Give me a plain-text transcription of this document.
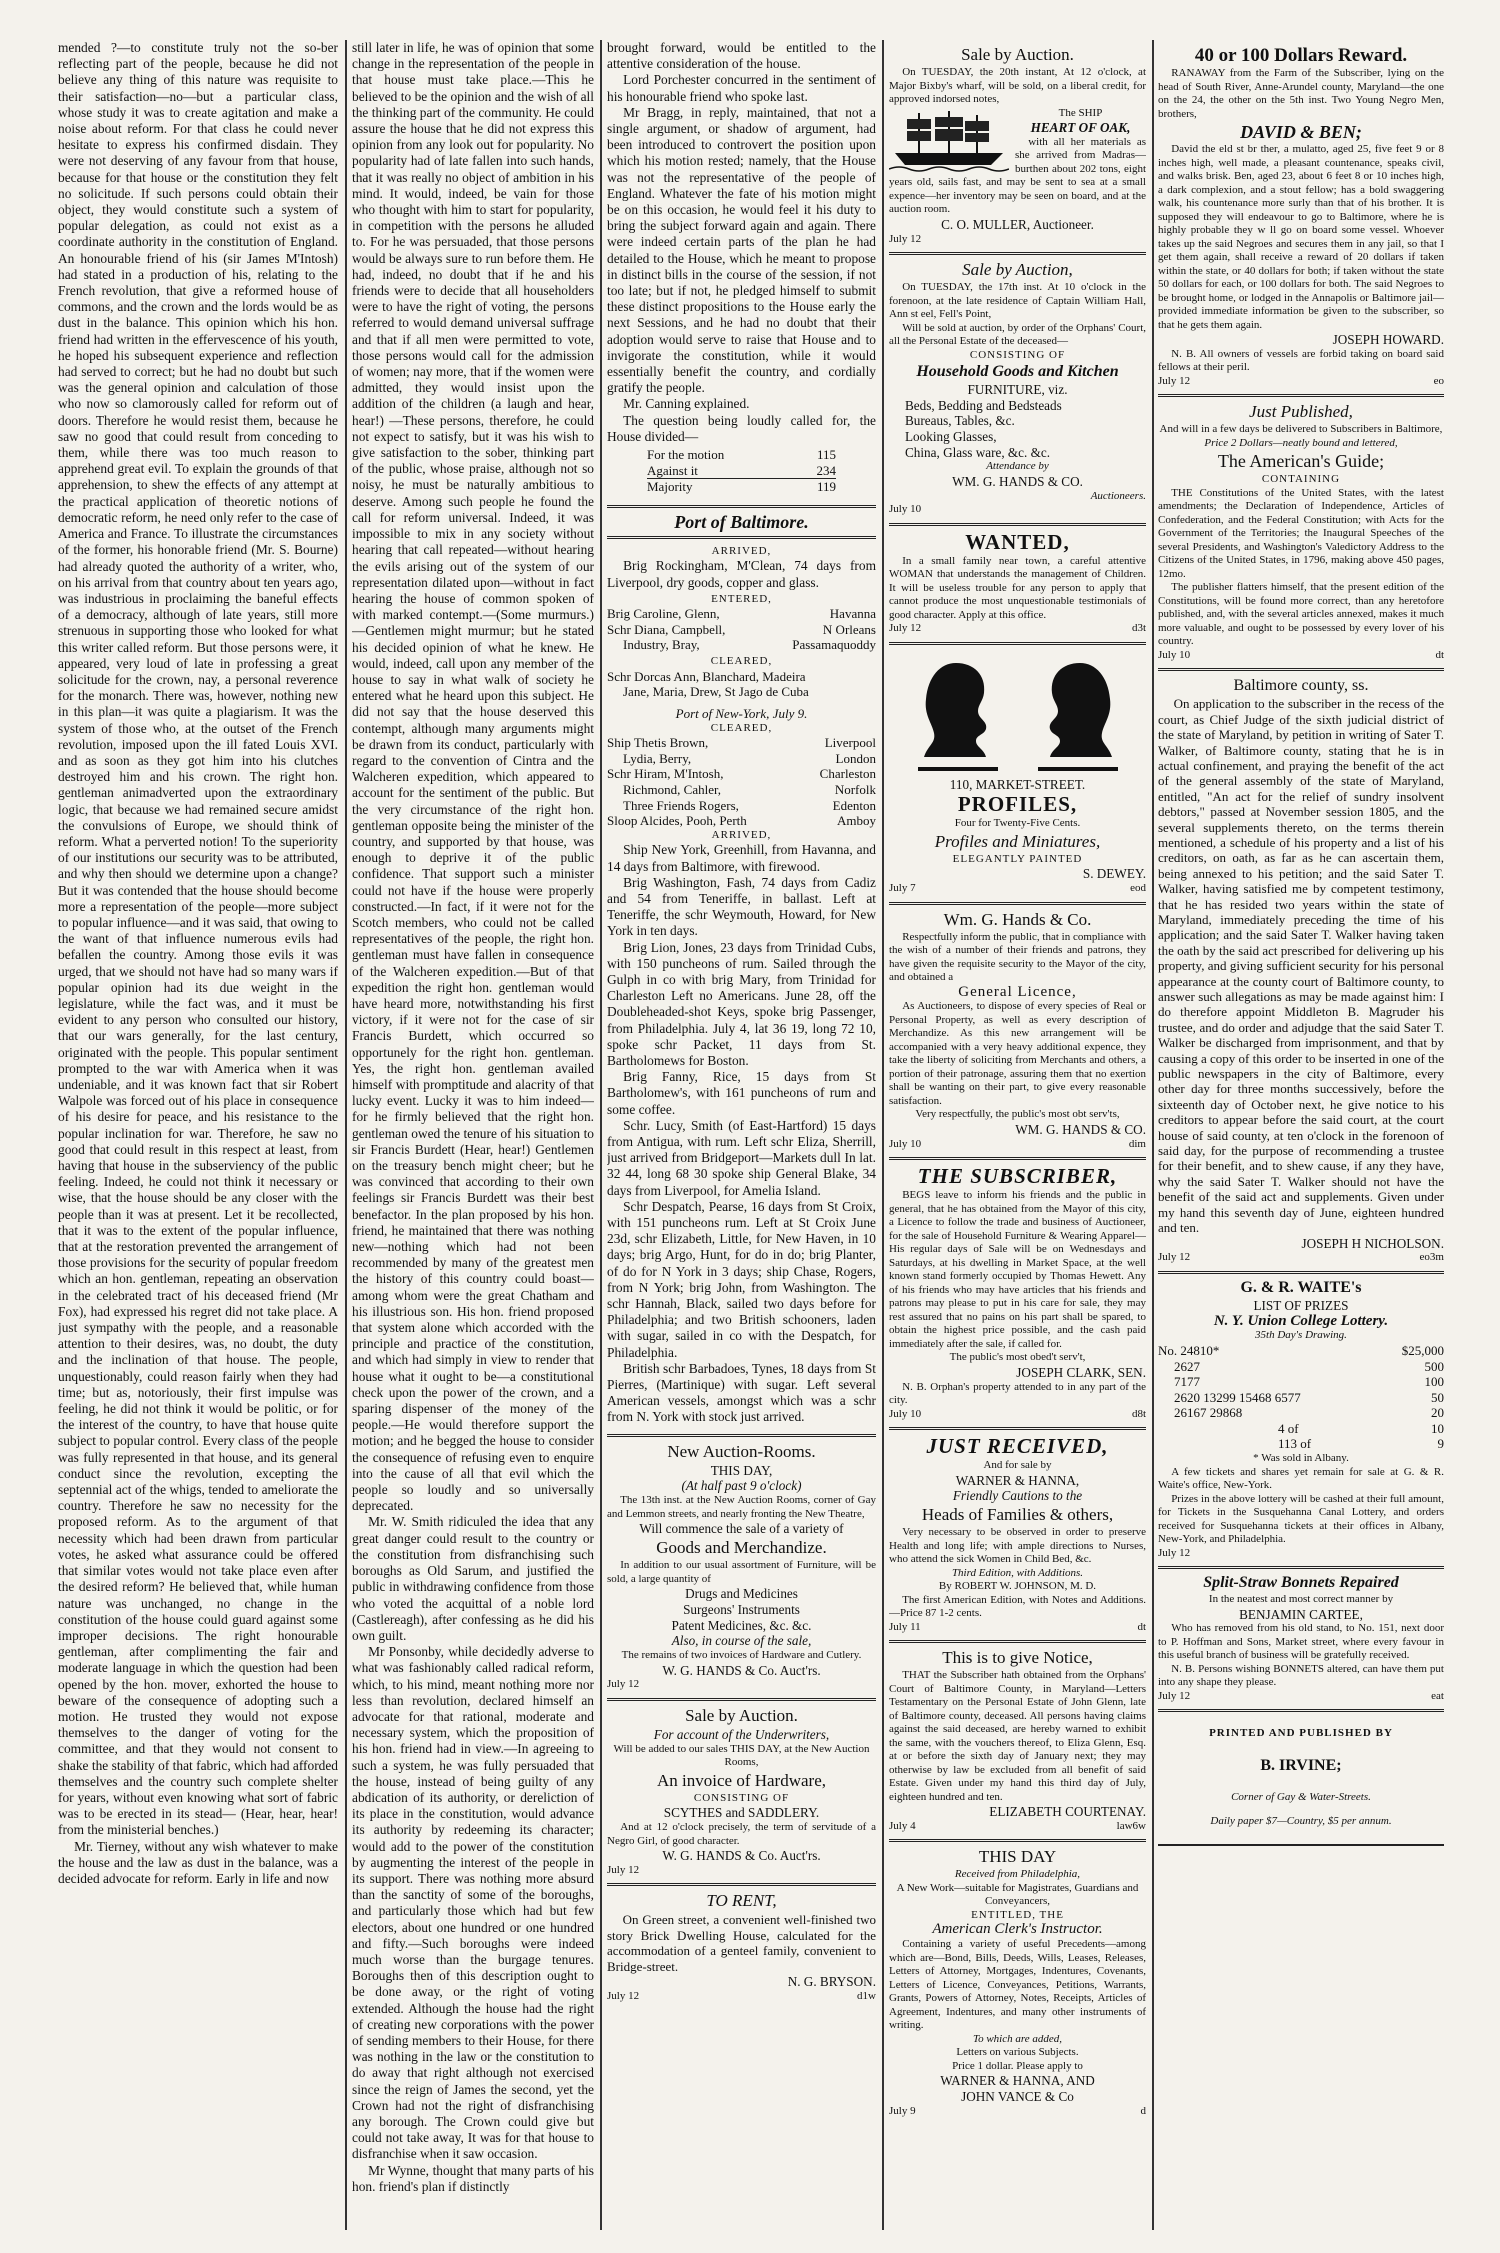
mended ?—to constitute truly not the so-ber reflecting part of the people, because he did not believe any thing of this nature was requisite to their satisfaction—no—but a particular class, whose study it was to create agitation and make a noise about reform. For that class he could never hesitate to express his confirmed disdain. They were not deserving of any favour from that house, because for that house or the constitution they felt no solicitude. If such persons could obtain their object, they would constitute such a system of popular delegation, as could not exist as a coordinate authority in the constitution of England. An honourable friend of his (sir James M'Intosh) had stated in a production of his, relating to the French revolution, that give a reformed house of commons, and the crown and the lords would be as dust in the balance. This opinion which his hon. friend had written in the effervescence of his youth, he hoped his subsequent experience and reflection had served to correct; but he had no doubt but such was the general opinion and calculation of those who now so clamorously called for reform out of doors. Therefore he would resist them, because he saw no good that could result from conceding to them, while there was too much reason to apprehend great evil. To explain the grounds of that apprehension, to shew the effects of any attempt at the practical application of theoretic notions of democratic reform, he need only refer to the case of America and France. To illustrate the circumstances of the former, his honorable friend (Mr. S. Bourne) had already quoted the authority of a writer, who, on his arrival from that country about ten years ago, was industrious in proclaiming the baneful effects of a democracy, although of late years, still more strenuous in supporting those who looked for what this writer called reform. But those persons were, it appeared, very loud of late in professing a great solicitude for the crown, nay, a personal reverence for the monarch. There was, however, nothing new in this plan—it was quite a plagiarism. It was the system of those who, at the outset of the French revolution, imposed upon the ill fated Louis XVI. and as soon as they got him into his clutches destroyed him and his crown. The right hon. gentleman animadverted upon the extraordinary logic, that because we had remained secure amidst the convulsions of Europe, we should think of reform. What a perverted notion! To the superiority of our institutions our security was to be attributed, and why then should we determine upon a change? But it was contended that the house should become more a representation of the people—more subject to popular influence—and it was said, that owing to the want of that influence numerous evils had befallen the country. Among those evils it was urged, that we should not have had so many wars if popular opinion had its due weight in the legislature, while the fact was, and it must be evident to any person who consulted our history, that our wars generally, for the last century, originated with the people. This popular sentiment prompted to the war with America when it was undeniable, and it was known fact that sir Robert Walpole was forced out of his place in consequence of his desire for peace, and his resistance to the popular inclination for war. Therefore, he saw no good that could result in this respect at least, from having that house in the subserviency of the public feeling. Indeed, he could not think it necessary or wise, that the house should be any closer with the people than it was at present. Let it be recollected, that it was to the extent of the popular influence, that at the restoration prevented the arrangement of those provisions for the security of popular freedom which an hon. gentleman, repeating an observation in the celebrated tract of his deceased friend (Mr Fox), had expressed his regret did not take place. A just sympathy with the people, and a reasonable attention to their desires, was, no doubt, the duty and the inclination of that house. The people, unquestionably, could reason fairly when they had time; but as, notoriously, their first impulse was feeling, he did not think it would be politic, or for the interest of the country, to have that house quite subject to popular control. Every class of the people was fully represented in that house, and its general conduct since the revolution, excepting the septennial act of the whigs, tended to ameliorate the country. Therefore he saw no necessity for the proposed reform. As to the argument of that necessity which had been drawn from particular votes, he asked what assurance could be offered that similar votes would not take place even after the desired reform? He believed that, while human nature was unchanged, no change in the constitution of the house could guard against some improper decisions. The right honourable gentleman, after complimenting the fair and moderate language in which the question had been opened by the hon. mover, exhorted the house to beware of the consequence of adopting such a motion. He trusted they would not expose themselves to the danger of voting for the committee, and that they would not consent to shake the stability of that fabric, which had afforded themselves and the country such complete shelter for years, without even knowing what sort of fabric was to be erected in its stead— (Hear, hear, hear! from the ministerial benches.)

Mr. Tierney, without any wish whatever to make the house and the law as dust in the balance, was a decided advocate for reform. Early in life and now

still later in life, he was of opinion that some change in the representation of the people in that house must take place.—This he believed to be the opinion and the wish of all the thinking part of the community. He could assure the house that he did not express this opinion from any look out for popularity. No popularity had of late fallen into such hands, that it was really no object of ambition in his mind. It would, indeed, be vain for those who thought with him to start for popularity, in competition with the persons he alluded to. For he was persuaded, that those persons would be always sure to run before them. He had, indeed, no doubt that if he and his friends were to decide that all householders were to have the right of voting, the persons referred to would demand universal suffrage and that if all men were permitted to vote, those persons would call for the admission of women; nay more, that if the women were admitted, they would insist upon the addition of the children (a laugh and hear, hear!) —These persons, therefore, he could not expect to satisfy, but it was his wish to give satisfaction to the sober, thinking part of the public, whose praise, although not so noisy, he must be naturally ambitious to deserve. Among such people he found the call for reform universal. Indeed, it was impossible to mix in any society without hearing that call repeated—without hearing the evils arising out of the system of our representation dilated upon—without in fact hearing the house of common spoken of with marked contempt.—(Some murmurs.)—Gentlemen might murmur; but he stated his decided opinion of what he knew. He would, indeed, call upon any member of the house to say in what walk of society he entered what he heard upon this subject. He did not say that the house deserved this contempt, although many arguments might be drawn from its conduct, particularly with regard to the convention of Cintra and the Walcheren expedition, which appeared to account for the sentiment of the public. But the very circumstance of the right hon. gentleman opposite being the minister of the country, and supported by that house, was enough to deprive it of the public confidence. That support such a minister could not have if the house were properly constructed.—In fact, if it were not for the Scotch members, who could not be called representatives of the people, the right hon. gentleman must have fallen in consequence of the Walcheren expedition.—But of that expedition the right hon. gentleman would have heard more, notwithstanding his first victory, if it were not for the case of sir Francis Burdett, which occurred so opportunely for the right hon. gentleman. Yes, the right hon. gentleman availed himself with promptitude and alacrity of that lucky event. Lucky it was to him indeed—for he firmly believed that the right hon. gentleman owed the tenure of his situation to sir Francis Burdett (Hear, hear!) Gentlemen on the treasury bench might cheer; but he was convinced that according to their own feelings sir Francis Burdett was their best benefactor. In the plan proposed by his hon. friend, he maintained that there was nothing new—nothing which had not been recommended by many of the greatest men the history of this country could boast—among whom were the great Chatham and his illustrious son. His hon. friend proposed that system alone which accorded with the principle and practice of the constitution, and which had simply in view to render that house what it ought to be—a constitutional check upon the power of the crown, and a sparing dispenser of the money of the people.—He would therefore support the motion; and he begged the house to consider the consequence of refusing even to enquire into the cause of all that evil which the people so loudly and so universally deprecated.

Mr. W. Smith ridiculed the idea that any great danger could result to the country or the constitution from disfranchising such boroughs as Old Sarum, and justified the public in withdrawing confidence from those who voted the acquittal of a noble lord (Castlereagh), after confessing as he did his own guilt.

Mr Ponsonby, while decidedly adverse to what was fashionably called radical reform, which, to his mind, meant nothing more nor less than revolution, declared himself an advocate for that rational, moderate and necessary system, which the proposition of his hon. friend had in view.—In agreeing to such a system, he was fully persuaded that the house, instead of being guilty of any abdication of its authority, or dereliction of its place in the constitution, would advance its authority by redeeming its character; would add to the power of the constitution by augmenting the interest of the people in its support. There was nothing more absurd than the sanctity of some of the boroughs, and particularly those which had but few electors, about one hundred or one hundred and fifty.—Such boroughs were indeed much worse than the burgage tenures. Boroughs then of this description ought to be done away, or the right of voting extended. Although the house had the right of creating new corporations with the power of sending members to their House, for there was nothing in the law or the constitution to do away that right although not exercised since the reign of James the second, yet the Crown had not the right of disfranchising any borough. The Crown could give but could not take away, It was for that house to disfranchise when it saw occasion.

Mr Wynne, thought that many parts of his hon. friend's plan if distinctly

brought forward, would be entitled to the attentive consideration of the house.

Lord Porchester concurred in the sentiment of his honourable friend who spoke last.

Mr Bragg, in reply, maintained, that not a single argument, or shadow of argument, had been introduced to controvert the position upon which his motion rested; namely, that the House was not the representative of the people of England. Whatever the fate of his motion might be on this occasion, he would feel it his duty to bring the subject forward again and again. There were indeed certain parts of the plan he had detailed to the House, which he meant to propose in distinct bills in the course of the session, if not too late; but if not, he pledged himself to submit these distinct propositions to the House early the next Sessions, and he had no doubt that their adoption would serve to raise that House and to invigorate the constitution, while it would essentially benefit the country, and cordially gratify the people.

Mr. Canning explained.

The question being loudly called for, the House divided—

For the motion	115
Against it	234
Majority	119

Port of Baltimore.

ARRIVED,

Brig Rockingham, M'Clean, 74 days from Liverpool, dry goods, copper and glass.

ENTERED,

Brig Caroline, Glenn,	Havanna
Schr Diana, Campbell,	N Orleans
Industry, Bray,	Passamaquoddy

CLEARED,

Schr Dorcas Ann, Blanchard, Madeira

Jane, Maria, Drew, St Jago de Cuba

Port of New-York, July 9.

CLEARED,

Ship Thetis Brown,	Liverpool
Lydia, Berry,	London
Schr Hiram, M'Intosh,	Charleston
Richmond, Cahler,	Norfolk
Three Friends Rogers,	Edenton
Sloop Alcides, Pooh, Perth	Amboy

ARRIVED,

Ship New York, Greenhill, from Havanna, and 14 days from Baltimore, with firewood.

Brig Washington, Fash, 74 days from Cadiz and 54 from Teneriffe, in ballast. Left at Teneriffe, the schr Weymouth, Howard, for New York in ten days.

Brig Lion, Jones, 23 days from Trinidad Cubs, with 150 puncheons of rum. Sailed through the Gulph in co with brig Mary, from Trinidad for Charleston Left no Americans. June 28, off the Doubleheaded-shot Keys, spoke brig Passenger, from Philadelphia. July 4, lat 36 19, long 72 10, spoke schr Packet, 11 days from St. Bartholomews for Boston.

Brig Fanny, Rice, 15 days from St Bartholomew's, with 161 puncheons of rum and some coffee.

Schr. Lucy, Smith (of East-Hartford) 15 days from Antigua, with rum. Left schr Eliza, Sherrill, just arrived from Bridgeport—Markets dull In lat. 32 44, long 68 30 spoke ship General Blake, 34 days from Liverpool, for Amelia Island.

Schr Despatch, Pearse, 16 days from St Croix, with 151 puncheons rum. Left at St Croix June 23d, schr Elizabeth, Little, for New Haven, in 10 days; brig Argo, Hunt, for do in do; brig Planter, of do for N York in 3 days; ship Chase, Rogers, from N York; brig John, from Washington. The schr Hannah, Black, sailed two days before for Philadelphia; and two British schooners, laden with sugar, sailed in co with the Despatch, for Philadelphia.

British schr Barbadoes, Tynes, 18 days from St Pierres, (Martinique) with sugar. Left several American vessels, amongst which was a schr from N. York with stock just arrived.

New Auction-Rooms.

THIS DAY,

(At half past 9 o'clock)

The 13th inst. at the New Auction Rooms, corner of Gay and Lemmon streets, and nearly fronting the New Theatre,

Will commence the sale of a variety of

Goods and Merchandize.

In addition to our usual assortment of Furniture, will be sold, a large quantity of

Drugs and Medicines

Surgeons' Instruments

Patent Medicines, &c. &c.

Also, in course of the sale,

The remains of two invoices of Hardware and Cutlery.

W. G. HANDS & Co. Auct'rs.

July 12

Sale by Auction.

For account of the Underwriters,

Will be added to our sales THIS DAY, at the New Auction Rooms,

An invoice of Hardware,

CONSISTING OF

SCYTHES and SADDLERY.

And at 12 o'clock precisely, the term of servitude of a Negro Girl, of good character.

W. G. HANDS & Co. Auct'rs.

July 12

TO RENT,

On Green street, a convenient well-finished two story Brick Dwelling House, calculated for the accommodation of a genteel family, convenient to Bridge-street.

N. G. BRYSON.

July 12	d1w

Sale by Auction.

On TUESDAY, the 20th instant, At 12 o'clock, at Major Bixby's wharf, will be sold, on a liberal credit, for approved indorsed notes,

The SHIP

HEART OF OAK,

with all her materials as she arrived from Madras—burthen about 202 tons, eight years old, sails fast, and may be sent to sea at a small expence—her inventory may be seen on board, and at the auction room.

C. O. MULLER, Auctioneer.

July 12

Sale by Auction,

On TUESDAY, the 17th inst. At 10 o'clock in the forenoon, at the late residence of Captain William Hall, Ann st eel, Fell's Point,

Will be sold at auction, by order of the Orphans' Court, all the Personal Estate of the deceased—

CONSISTING OF

Household Goods and Kitchen

FURNITURE, viz.

Beds, Bedding and Bedsteads

Bureaus, Tables, &c.

Looking Glasses,

China, Glass ware, &c. &c.

Attendance by

WM. G. HANDS & CO.

Auctioneers.

July 10

WANTED,

In a small family near town, a careful attentive WOMAN that understands the management of Children. It will be useless trouble for any person to apply that cannot produce the most unquestionable testimonials of good character. Apply at this office.

July 12	d3t

110, MARKET-STREET.

PROFILES,

Four for Twenty-Five Cents.

Profiles and Miniatures,

ELEGANTLY PAINTED

S. DEWEY.

July 7	eod

Wm. G. Hands & Co.

Respectfully inform the public, that in compliance with the wish of a number of their friends and patrons, they have given the requisite security to the Mayor of the city, and obtained a

General Licence,

As Auctioneers, to dispose of every species of Real or Personal Property, as well as every description of Merchandize. As this new arrangement will be accompanied with a very heavy additional expence, they take the liberty of soliciting from Merchants and others, a portion of their patronage, assuring them that no exertion shall be wanting on their part, to give every reasonable satisfaction.

Very respectfully, the public's most obt serv'ts,

WM. G. HANDS & CO.

July 10	dim

THE SUBSCRIBER,

BEGS leave to inform his friends and the public in general, that he has obtained from the Mayor of this city, a Licence to follow the trade and business of Auctioneer, for the sale of Household Furniture & Wearing Apparel—His regular days of Sale will be on Wednesdays and Saturdays, at his dwelling in Market Space, at the well known stand formerly occupied by Thomas Hewett. Any of his friends who may have articles that his friends and patrons may please to put in his care for sale, they may rest assured that no pains on his part shall be spared, to obtain the highest price possible, and the cash paid immediately after the sale, if called for.

The public's most obed't serv't,

JOSEPH CLARK, SEN.

N. B. Orphan's property attended to in any part of the city.

July 10	d8t

JUST RECEIVED,

And for sale by

WARNER & HANNA,

Friendly Cautions to the

Heads of Families & others,

Very necessary to be observed in order to preserve Health and long life; with ample directions to Nurses, who attend the sick Women in Child Bed, &c.

Third Edition, with Additions.

By ROBERT W. JOHNSON, M. D.

The first American Edition, with Notes and Additions.—Price 87 1-2 cents.

July 11	dt

This is to give Notice,

THAT the Subscriber hath obtained from the Orphans' Court of Baltimore County, in Maryland—Letters Testamentary on the Personal Estate of John Glenn, late of Baltimore county, deceased. All persons having claims against the said deceased, are hereby warned to exhibit the same, with the vouchers thereof, to Eliza Glenn, Esq. at or before the sixth day of January next; they may otherwise by law be excluded from all benefit of said Estate. Given under my hand this third day of July, eighteen hundred and ten.

ELIZABETH COURTENAY.

July 4	law6w

THIS DAY

Received from Philadelphia,

A New Work—suitable for Magistrates, Guardians and Conveyancers,

ENTITLED, THE

American Clerk's Instructor.

Containing a variety of useful Precedents—among which are—Bond, Bills, Deeds, Wills, Leases, Releases, Letters of Attorney, Mortgages, Indentures, Covenants, Letters of Licence, Conveyances, Petitions, Warrants, Grants, Powers of Attorney, Notes, Receipts, Articles of Agreement, Indentures, and many other instruments of writing.

To which are added,

Letters on various Subjects.

Price 1 dollar. Please apply to

WARNER & HANNA, AND

JOHN VANCE & Co

July 9	d

40 or 100 Dollars Reward.

RANAWAY from the Farm of the Subscriber, lying on the head of South River, Anne-Arundel county, Maryland—the one on the 24, the other on the 5th inst. Two Young Negro Men, brothers,

DAVID & BEN;

David the eld st br ther, a mulatto, aged 25, five feet 9 or 8 inches high, well made, a pleasant countenance, speaks civil, and walks brisk. Ben, aged 23, about 6 feet 8 or 10 inches high, a dark complexion, and a stout fellow; has a bold swaggering walk, his countenance more surly than that of his brother. It is supposed they will endeavour to go to Baltimore, where he is highly probable they w ll go on board some vessel. Whoever takes up the said Negroes and secures them in any jail, so that I get them again, shall receive a reward of 20 dollars if taken within the state, or 40 dollars for both; if taken without the state 50 dollars for each, or 100 dollars for both. The said Negroes to be brought home, or lodged in the Annapolis or Baltimore jail—provided immediate information be given to the subscriber, so that he gets them again.

JOSEPH HOWARD.

N. B. All owners of vessels are forbid taking on board said fellows at their peril.

July 12	eo

Just Published,

And will in a few days be delivered to Subscribers in Baltimore,

Price 2 Dollars—neatly bound and lettered,

The American's Guide;

CONTAINING

THE Constitutions of the United States, with the latest amendments; the Declaration of Independence, Articles of Confederation, and the Federal Constitution; with Acts for the Government of the Territories; the Inaugural Speeches of the several Presidents, and Washington's Valedictory Address to the Citizens of the United States, in 1796, making above 450 pages, 12mo.

The publisher flatters himself, that the present edition of the Constitutions, will be found more correct, than any heretofore published, and, with the several articles annexed, makes it much more valuable, and ought to be possessed by every lover of his country.

July 10	dt

Baltimore county, ss.

On application to the subscriber in the recess of the court, as Chief Judge of the sixth judicial district of the state of Maryland, by petition in writing of Sater T. Walker, of Baltimore county, stating that he is in actual confinement, and praying the benefit of the act of the general assembly of the state of Maryland, entitled, "An act for the relief of sundry insolvent debtors," passed at November session 1805, and the several supplements thereto, on the terms therein mentioned, a schedule of his property and a list of his creditors, on oath, as far as he can ascertain them, being annexed to his petition; and the said Sater T. Walker, having satisfied me by competent testimony, that he has resided two years within the state of Maryland, immediately preceding the time of his application; and the said Sater T. Walker having taken the oath by the said act prescribed for delivering up his property, and giving sufficient security for his personal appearance at the county court of Baltimore county, to answer such allegations as may be made against him: I do therefore appoint Middleton B. Magruder his trustee, and do order and adjudge that the said Sater T. Walker be discharged from imprisonment, and that by causing a copy of this order to be inserted in one of the public newspapers in the city of Baltimore, every other day for three months successively, before the sixteenth day of October next, he give notice to his creditors to appear before the said court, at the court house of said county, at ten o'clock in the forenoon of said day, for the purpose of recommending a trustee for their benefit, and to shew cause, if any they have, why the said Sater T. Walker should not have the benefit of the said act and supplements. Given under my hand this seventh day of June, eighteen hundred and ten.

JOSEPH H NICHOLSON.

July 12	eo3m

G. & R. WAITE's

LIST OF PRIZES

N. Y. Union College Lottery.

35th Day's Drawing.

No. 24810*	$25,000
2627	500
7177	100
2620 13299 15468 6577	50
26167 29868	20
4 of	10
113 of	9

* Was sold in Albany.

A few tickets and shares yet remain for sale at G. & R. Waite's office, New-York.

Prizes in the above lottery will be cashed at their full amount, for Tickets in the Susquehanna Canal Lottery, and orders received for Susquehanna tickets at their offices in Albany, New-York, and Philadelphia.

July 12

Split-Straw Bonnets Repaired

In the neatest and most correct manner by

BENJAMIN CARTEE,

Who has removed from his old stand, to No. 151, next door to P. Hoffman and Sons, Market street, where every favour in this useful branch of business will be gratefully received.

N. B. Persons wishing BONNETS altered, can have them put into any shape they please.

July 12	eat

PRINTED AND PUBLISHED BY

B. IRVINE;

Corner of Gay & Water-Streets.

Daily paper $7—Country, $5 per annum.
